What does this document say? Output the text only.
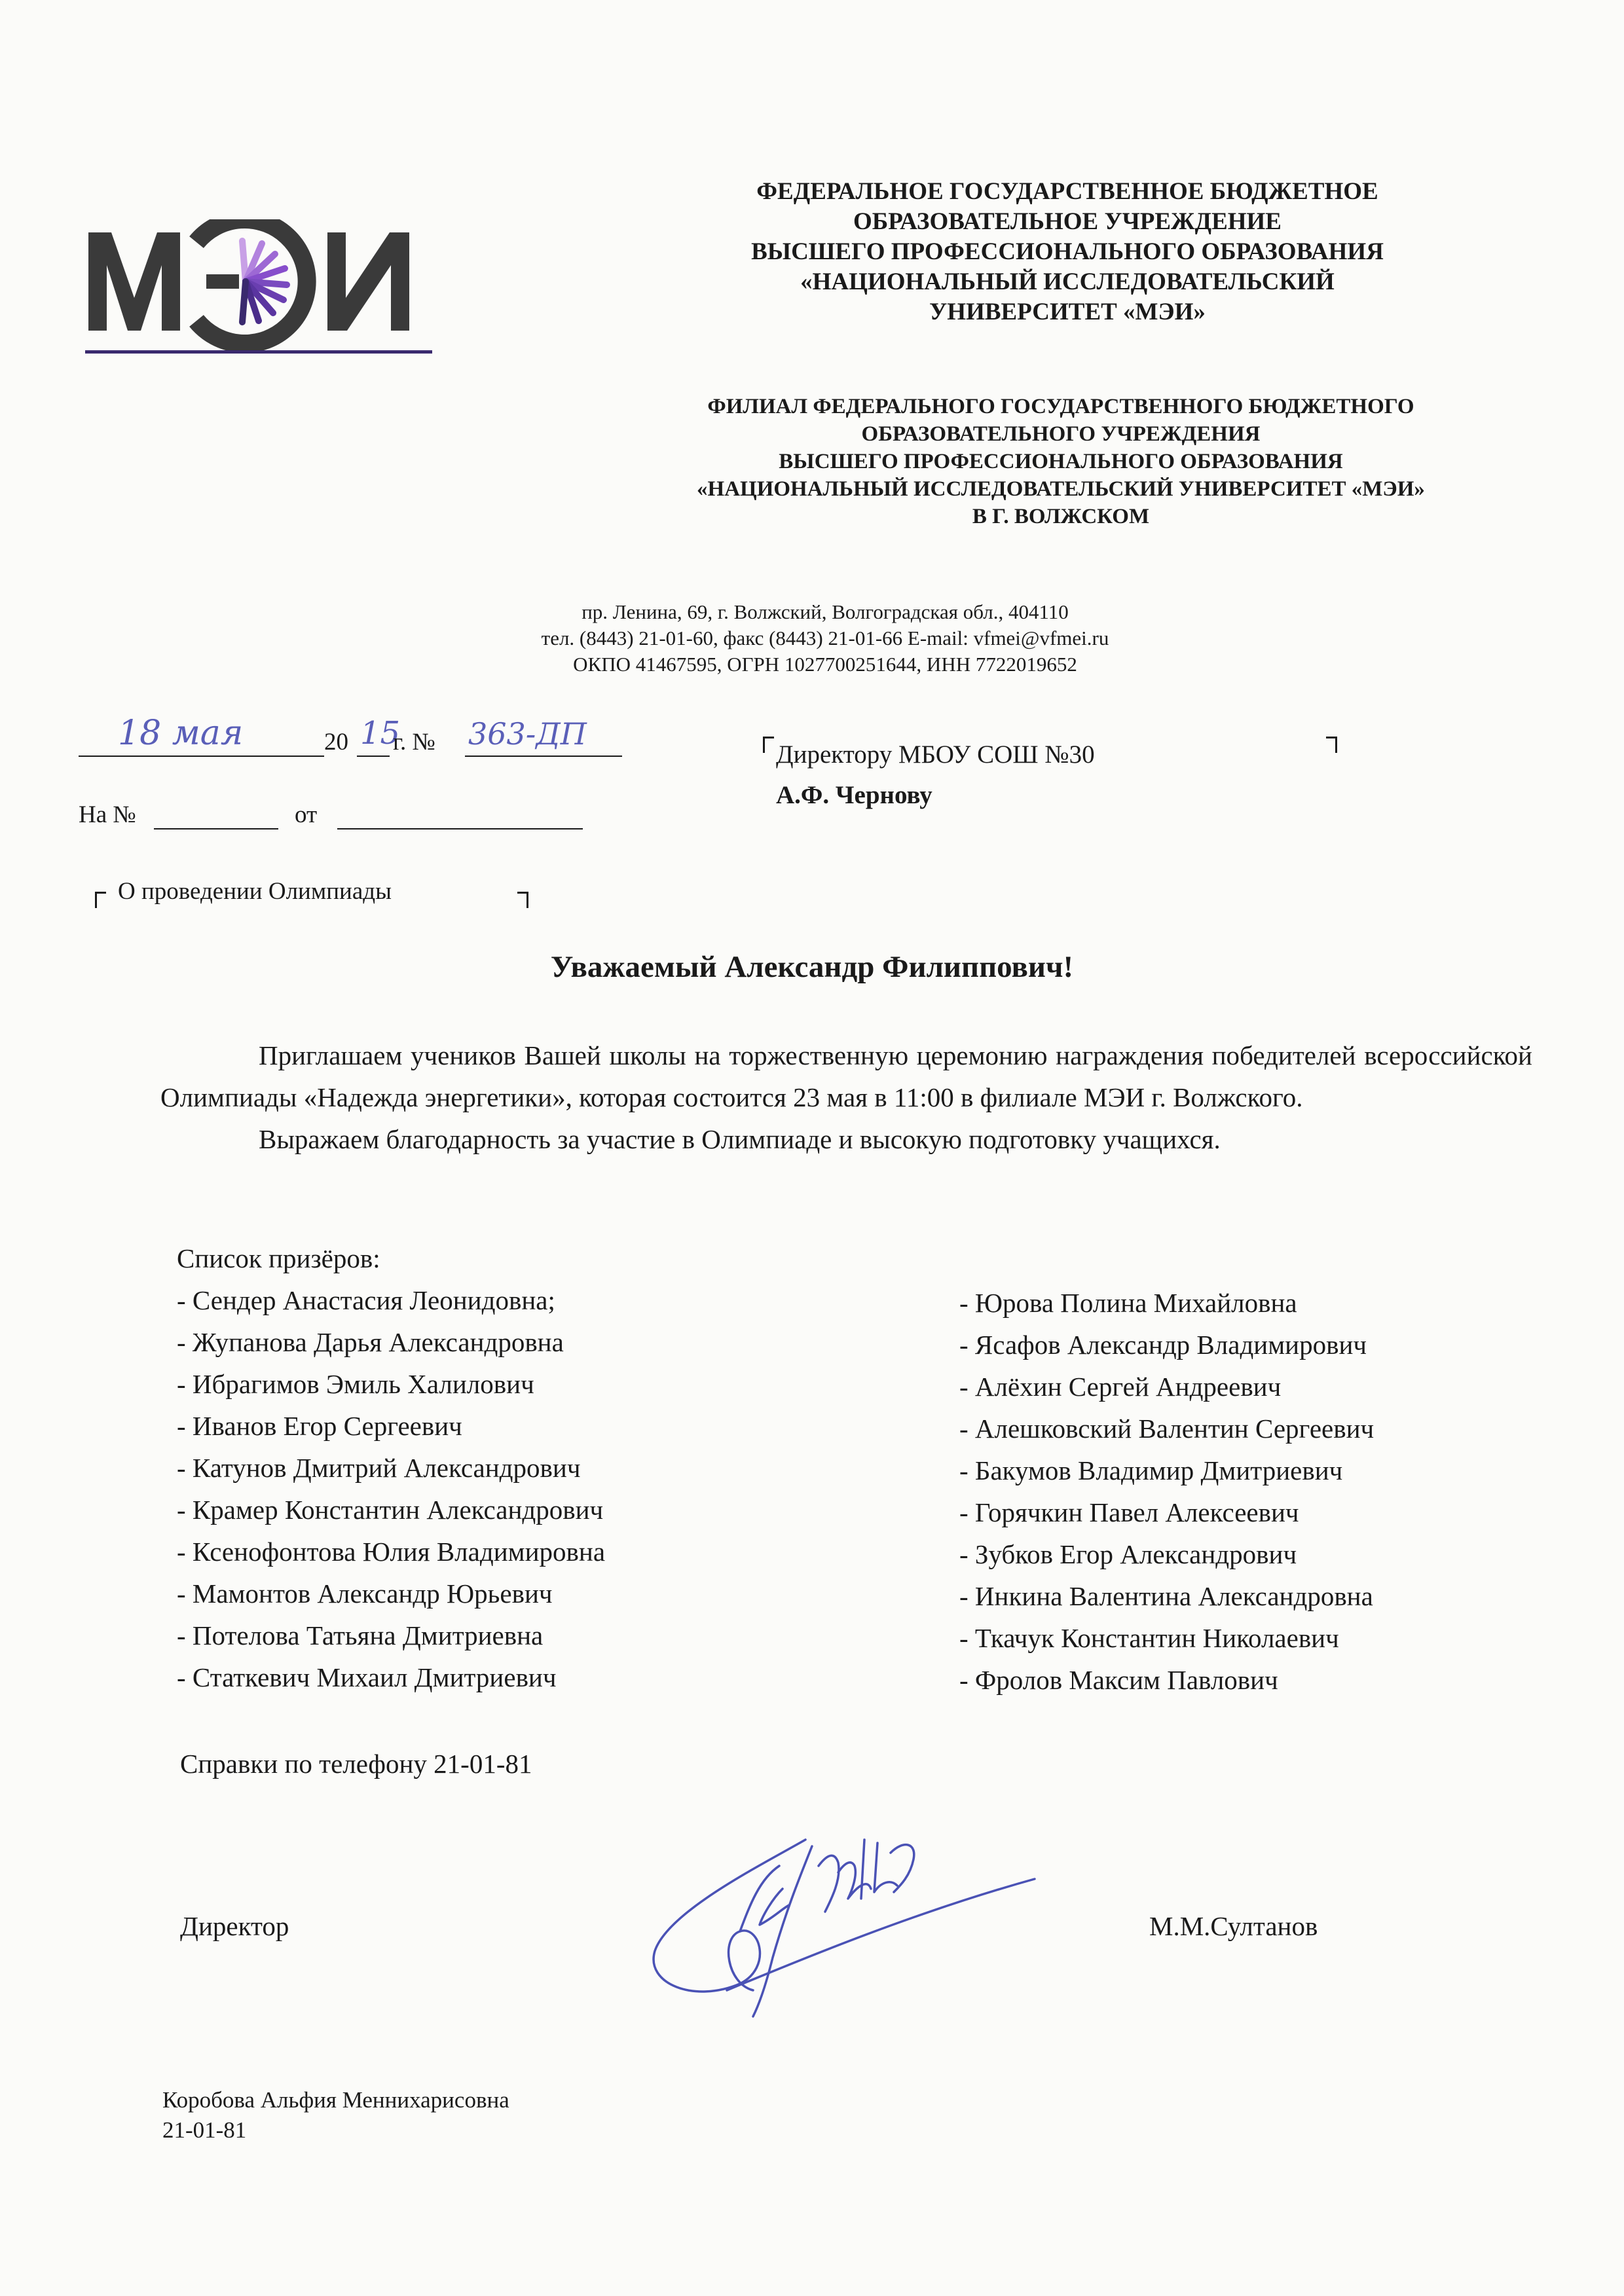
ФЕДЕРАЛЬНОЕ ГОСУДАРСТВЕННОЕ БЮДЖЕТНОЕ
ОБРАЗОВАТЕЛЬНОЕ УЧРЕЖДЕНИЕ
ВЫСШЕГО ПРОФЕССИОНАЛЬНОГО ОБРАЗОВАНИЯ
«НАЦИОНАЛЬНЫЙ ИССЛЕДОВАТЕЛЬСКИЙ
УНИВЕРСИТЕТ «МЭИ»
ФИЛИАЛ ФЕДЕРАЛЬНОГО ГОСУДАРСТВЕННОГО БЮДЖЕТНОГО
ОБРАЗОВАТЕЛЬНОГО УЧРЕЖДЕНИЯ
ВЫСШЕГО ПРОФЕССИОНАЛЬНОГО ОБРАЗОВАНИЯ
«НАЦИОНАЛЬНЫЙ ИССЛЕДОВАТЕЛЬСКИЙ УНИВЕРСИТЕТ «МЭИ»
В Г. ВОЛЖСКОМ
пр. Ленина, 69, г. Волжский, Волгоградская обл., 404110
тел. (8443) 21-01-60, факс (8443) 21-01-66 E-mail: vfmei@vfmei.ru
ОКПО 41467595, ОГРН 1027700251644, ИНН 7722019652
18 мая	20 15
г. № 363-ДП
На №	от
Директору МБОУ СОШ №30
А.Ф. Чернову
О проведении Олимпиады
Уважаемый Александр Филиппович!

Приглашаем учеников Вашей школы на торжественную церемонию награждения победителей всероссийской Олимпиады «Надежда энергетики», которая состоится 23 мая в 11:00 в филиале МЭИ г. Волжского.

Выражаем благодарность за участие в Олимпиаде и высокую подготовку учащихся.

Список призёров:
- Сендер Анастасия Леонидовна;
- Жупанова Дарья Александровна
- Ибрагимов Эмиль Халилович
- Иванов Егор Сергеевич
- Катунов Дмитрий Александрович
- Крамер Константин Александрович
- Ксенофонтова Юлия Владимировна
- Мамонтов Александр Юрьевич
- Потелова Татьяна Дмитриевна
- Статкевич Михаил Дмитриевич
- Юрова Полина Михайловна
- Ясафов Александр Владимирович
- Алёхин Сергей Андреевич
- Алешковский Валентин Сергеевич
- Бакумов Владимир Дмитриевич
- Горячкин Павел Алексеевич
- Зубков Егор Александрович
- Инкина Валентина Александровна
- Ткачук Константин Николаевич
- Фролов Максим Павлович
Справки по телефону 21-01-81
Директор	М.М.Султанов
Коробова Альфия Меннихарисовна
21-01-81
